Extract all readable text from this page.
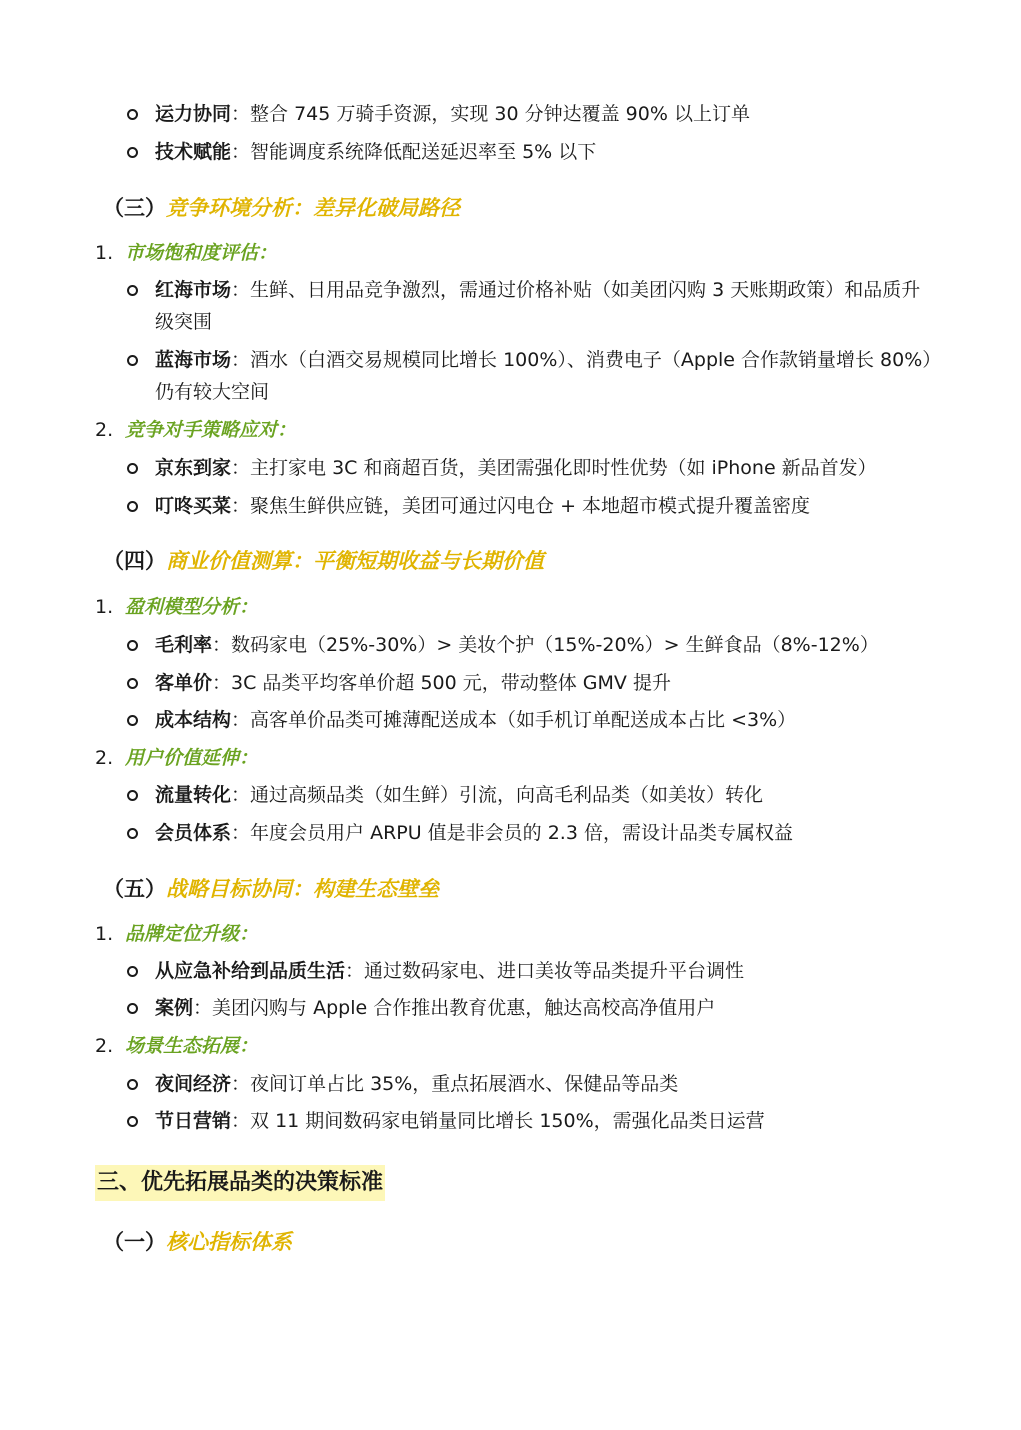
运力协同：整合 745 万骑手资源，实现 30 分钟达覆盖 90% 以上订单
技术赋能：智能调度系统降低配送延迟率至 5% 以下
（三）竞争环境分析：差异化破局路径
1. 市场饱和度评估：
红海市场：生鲜、日用品竞争激烈，需通过价格补贴（如美团闪购 3 天账期政策）和品质升级突围
蓝海市场：酒水（白酒交易规模同比增长 100%）、消费电子（Apple 合作款销量增长 80%）仍有较大空间
2. 竞争对手策略应对：
京东到家：主打家电 3C 和商超百货，美团需强化即时性优势（如 iPhone 新品首发）
叮咚买菜：聚焦生鲜供应链，美团可通过闪电仓 + 本地超市模式提升覆盖密度
（四）商业价值测算：平衡短期收益与长期价值
1. 盈利模型分析：
毛利率：数码家电（25%-30%）> 美妆个护（15%-20%）> 生鲜食品（8%-12%）
客单价：3C 品类平均客单价超 500 元，带动整体 GMV 提升
成本结构：高客单价品类可摊薄配送成本（如手机订单配送成本占比 <3%）
2. 用户价值延伸：
流量转化：通过高频品类（如生鲜）引流，向高毛利品类（如美妆）转化
会员体系：年度会员用户 ARPU 值是非会员的 2.3 倍，需设计品类专属权益
（五）战略目标协同：构建生态壁垒
1. 品牌定位升级：
从应急补给到品质生活：通过数码家电、进口美妆等品类提升平台调性
案例：美团闪购与 Apple 合作推出教育优惠，触达高校高净值用户
2. 场景生态拓展：
夜间经济：夜间订单占比 35%，重点拓展酒水、保健品等品类
节日营销：双 11 期间数码家电销量同比增长 150%，需强化品类日运营
三、优先拓展品类的决策标准
（一）核心指标体系
